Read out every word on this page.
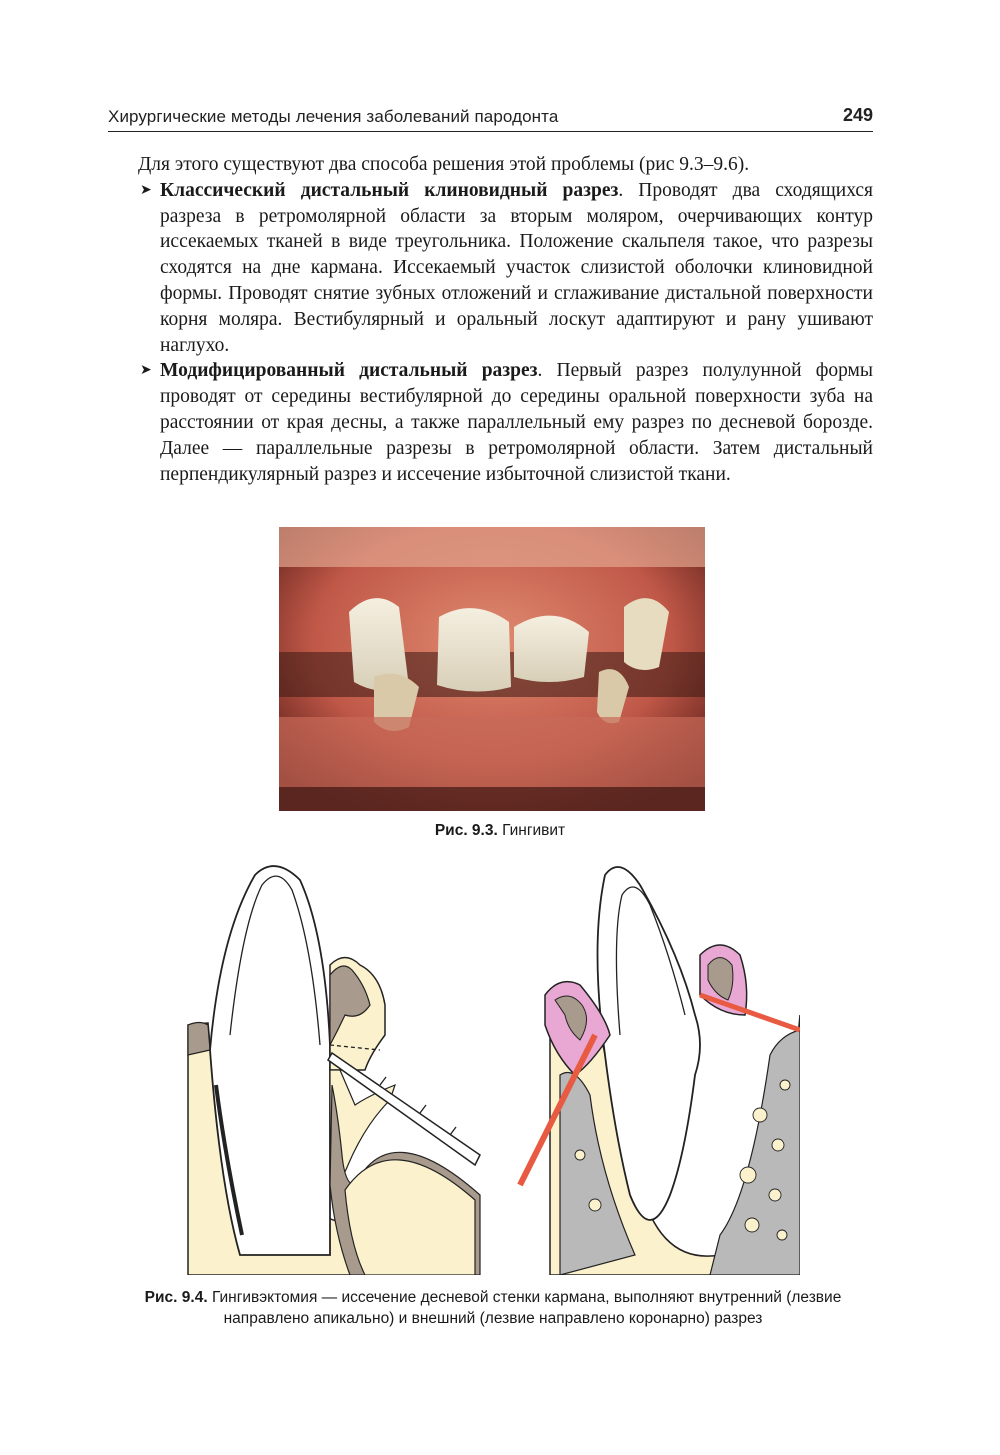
Хирургические методы лечения заболеваний пародонта	249

Для этого существуют два способа решения этой проблемы (рис 9.3–9.6).

➤ Классический дистальный клиновидный разрез. Проводят два сходящихся разреза в ретромолярной области за вторым моляром, очерчивающих контур иссекаемых тканей в виде треугольника. Положение скальпеля такое, что разрезы сходятся на дне кармана. Иссекаемый участок слизистой оболочки клиновидной формы. Проводят снятие зубных отложений и сглаживание дистальной поверхности корня моляра. Вестибулярный и оральный лоскут адаптируют и рану ушивают наглухо.

➤ Модифицированный дистальный разрез. Первый разрез полулунной формы проводят от середины вестибулярной до середины оральной поверхности зуба на расстоянии от края десны, а также параллельный ему разрез по десневой борозде. Далее — параллельные разрезы в ретромолярной области. Затем дистальный перпендикулярный разрез и иссечение избыточной слизистой ткани.

Рис. 9.3. Гингивит
Рис. 9.4. Гингивэктомия — иссечение десневой стенки кармана, выполняют внутренний (лезвие направлено апикально) и внешний (лезвие направлено коронарно) разрез
